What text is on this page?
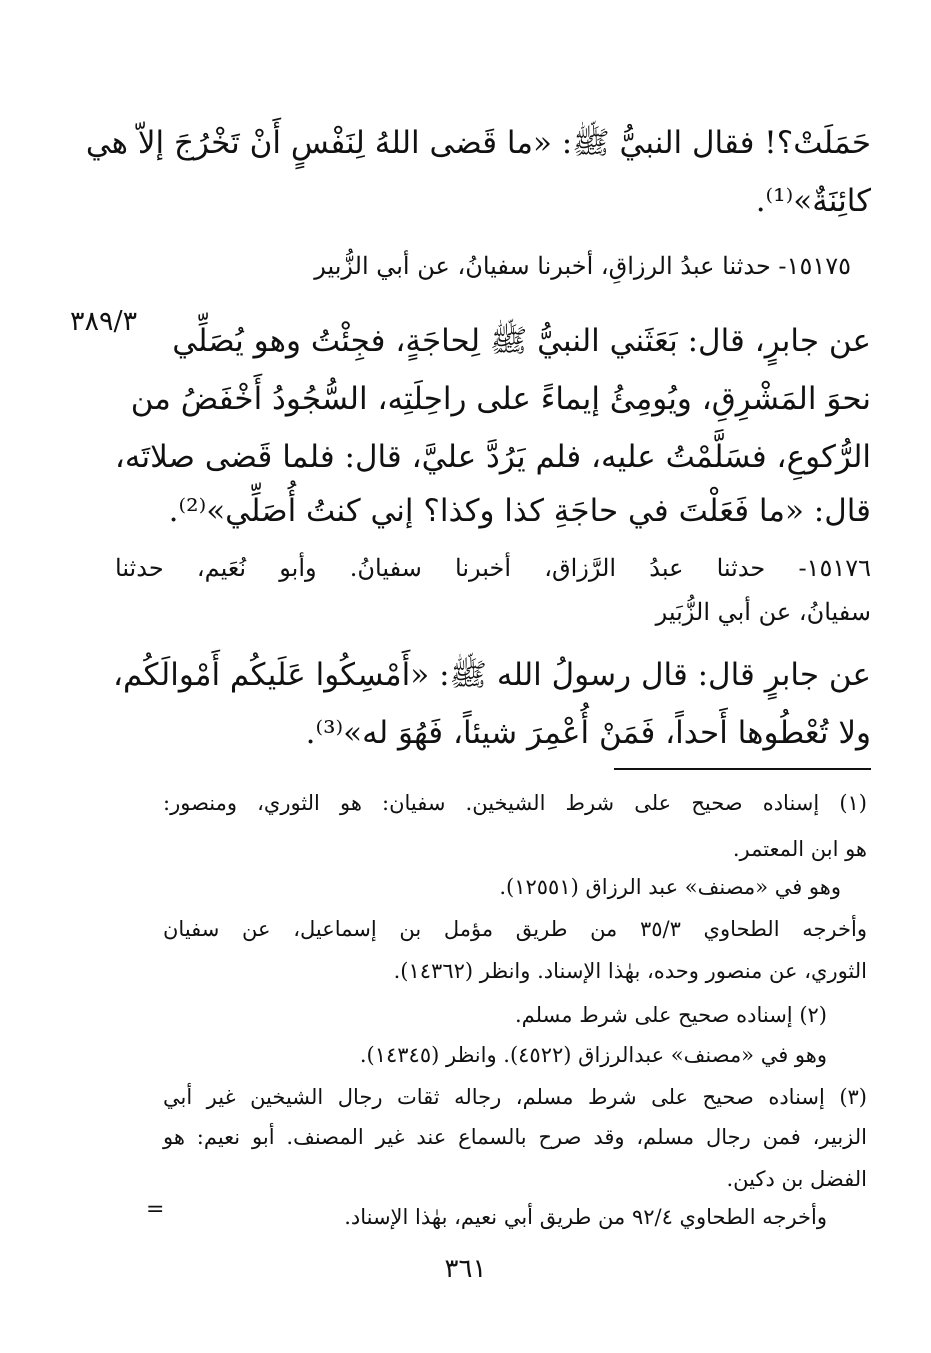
حَمَلَتْ؟! فقال النبيُّ ﷺ: «ما قَضى اللهُ لِنَفْسٍ أَنْ تَخْرُجَ إلاّ هي
كائِنَةٌ»⁽¹⁾.
١٥١٧٥- حدثنا عبدُ الرزاقِ، أخبرنا سفيانُ، عن أبي الزُّبير
٣٨٩/٣
عن جابرٍ، قال: بَعَثَني النبيُّ ﷺ لِحاجَةٍ، فجِئْتُ وهو يُصَلِّي
نحوَ المَشْرِقِ، ويُومِئُ إيماءً على راحِلَتِه، السُّجُودُ أَخْفَضُ من
الرُّكوعِ، فسَلَّمْتُ عليه، فلم يَرُدَّ عليَّ، قال: فلما قَضى صلاتَه،
قال: «ما فَعَلْتَ في حاجَةِ كذا وكذا؟ إني كنتُ أُصَلِّي»⁽²⁾.
١٥١٧٦- حدثنا عبدُ الرَّزاق، أخبرنا سفيانُ. وأبو نُعَيم، حدثنا
سفيانُ، عن أبي الزُّبَير
عن جابرٍ قال: قال رسولُ الله ﷺ: «أَمْسِكُوا عَلَيكُم أَمْوالَكُم،
ولا تُعْطُوها أَحداً، فَمَنْ أُعْمِرَ شيئاً، فَهُوَ له»⁽³⁾.
(١) إسناده صحيح على شرط الشيخين. سفيان: هو الثوري، ومنصور:
هو ابن المعتمر.
وهو في «مصنف» عبد الرزاق (١٢٥٥١).
وأخرجه الطحاوي ٣٥/٣ من طريق مؤمل بن إسماعيل، عن سفيان
الثوري، عن منصور وحده، بهٰذا الإسناد. وانظر (١٤٣٦٢).
(٢) إسناده صحيح على شرط مسلم.
وهو في «مصنف» عبدالرزاق (٤٥٢٢). وانظر (١٤٣٤٥).
(٣) إسناده صحيح على شرط مسلم، رجاله ثقات رجال الشيخين غير أبي
الزبير، فمن رجال مسلم، وقد صرح بالسماع عند غير المصنف. أبو نعيم: هو
الفضل بن دكين.
وأخرجه الطحاوي ٩٢/٤ من طريق أبي نعيم، بهٰذا الإسناد.
=
٣٦١
